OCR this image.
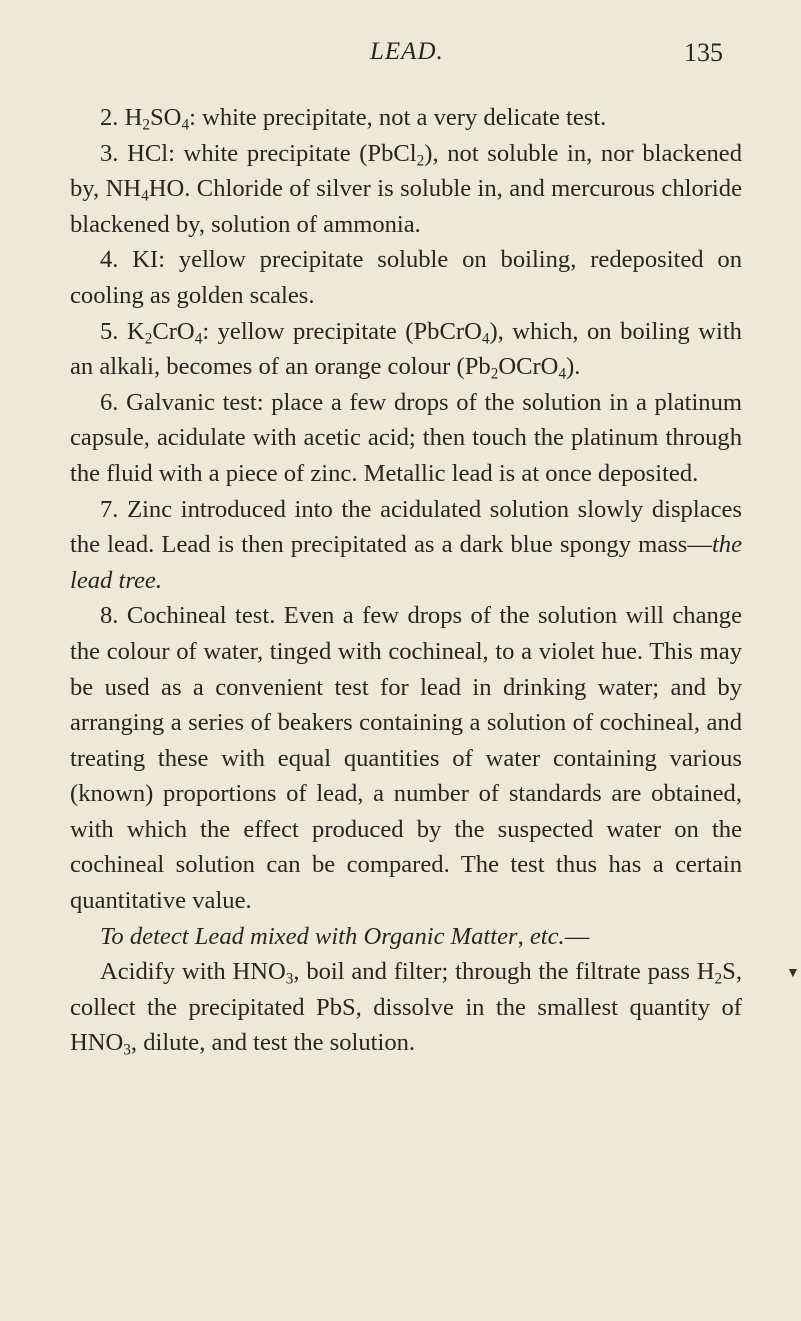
LEAD.	135

2. $H_2SO_4$: white precipitate, not a very delicate test.

3. HCl: white precipitate (PbCl$_2$), not soluble in, nor blackened by, $NH_4HO$. Chloride of silver is soluble in, and mercurous chloride blackened by, solution of ammonia.

4. KI: yellow precipitate soluble on boiling, redeposited on cooling as golden scales.

5. $K_2CrO_4$: yellow precipitate (PbCrO$_4$), which, on boiling with an alkali, becomes of an orange colour $(Pb_2OCrO_4)$.

6. Galvanic test: place a few drops of the solution in a platinum capsule, acidulate with acetic acid; then touch the platinum through the fluid with a piece of zinc. Metallic lead is at once deposited.

7. Zinc introduced into the acidulated solution slowly displaces the lead. Lead is then precipitated as a dark blue spongy mass—the lead tree.

8. Cochineal test. Even a few drops of the solution will change the colour of water, tinged with cochineal, to a violet hue. This may be used as a convenient test for lead in drinking water; and by arranging a series of beakers containing a solution of cochineal, and treating these with equal quantities of water containing various (known) proportions of lead, a number of standards are obtained, with which the effect produced by the suspected water on the cochineal solution can be compared. The test thus has a certain quantitative value.

To detect Lead mixed with Organic Matter, etc.—

Acidify with $HNO_3$, boil and filter; through the filtrate pass $H_2S$, collect the precipitated PbS, dissolve in the smallest quantity of $HNO_3$, dilute, and test the solution.

▼
